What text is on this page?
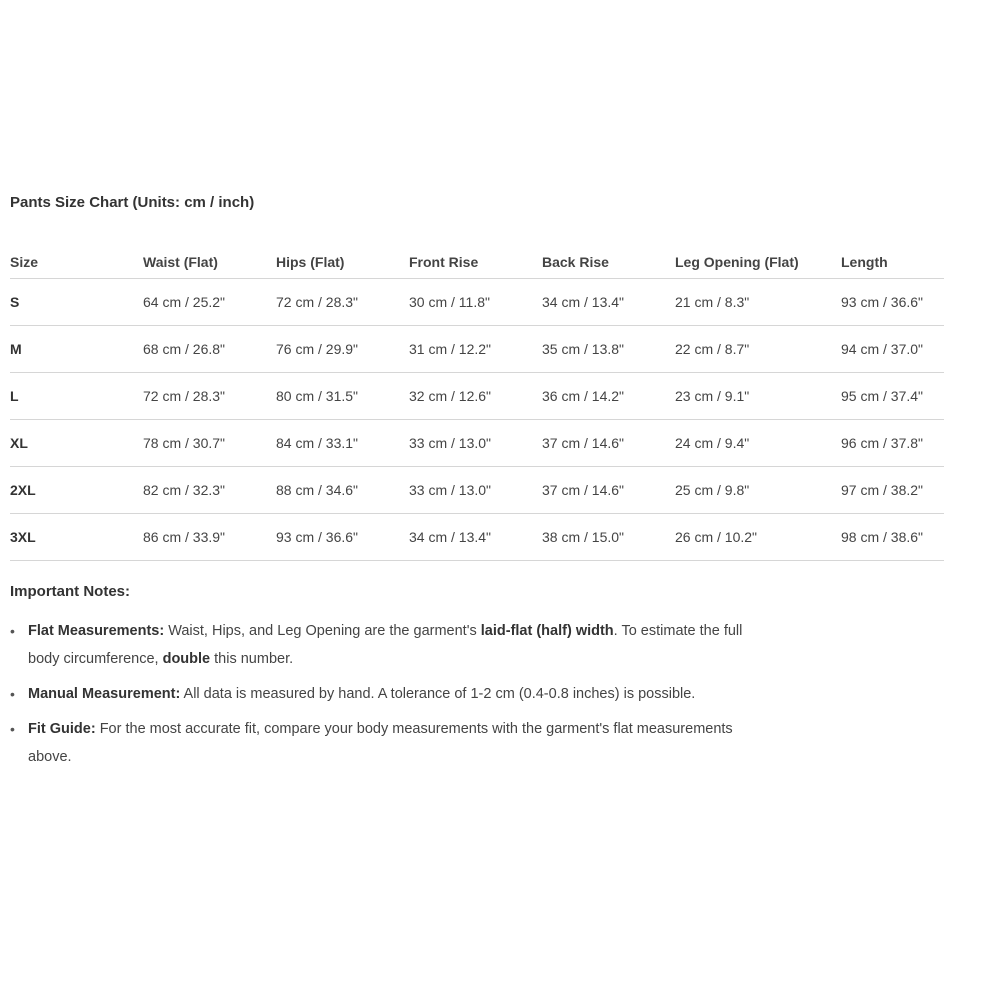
Pants Size Chart (Units: cm / inch)
Size	Waist (Flat)	Hips (Flat)	Front Rise	Back Rise	Leg Opening (Flat)	Length
S	64 cm / 25.2"	72 cm / 28.3"	30 cm / 11.8"	34 cm / 13.4"	21 cm / 8.3"	93 cm / 36.6"
M	68 cm / 26.8"	76 cm / 29.9"	31 cm / 12.2"	35 cm / 13.8"	22 cm / 8.7"	94 cm / 37.0"
L	72 cm / 28.3"	80 cm / 31.5"	32 cm / 12.6"	36 cm / 14.2"	23 cm / 9.1"	95 cm / 37.4"
XL	78 cm / 30.7"	84 cm / 33.1"	33 cm / 13.0"	37 cm / 14.6"	24 cm / 9.4"	96 cm / 37.8"
2XL	82 cm / 32.3"	88 cm / 34.6"	33 cm / 13.0"	37 cm / 14.6"	25 cm / 9.8"	97 cm / 38.2"
3XL	86 cm / 33.9"	93 cm / 36.6"	34 cm / 13.4"	38 cm / 15.0"	26 cm / 10.2"	98 cm / 38.6"
Important Notes:
• Flat Measurements: Waist, Hips, and Leg Opening are the garment's laid-flat (half) width. To estimate the full body circumference, double this number.
• Manual Measurement: All data is measured by hand. A tolerance of 1-2 cm (0.4-0.8 inches) is possible.
• Fit Guide: For the most accurate fit, compare your body measurements with the garment's flat measurements above.
